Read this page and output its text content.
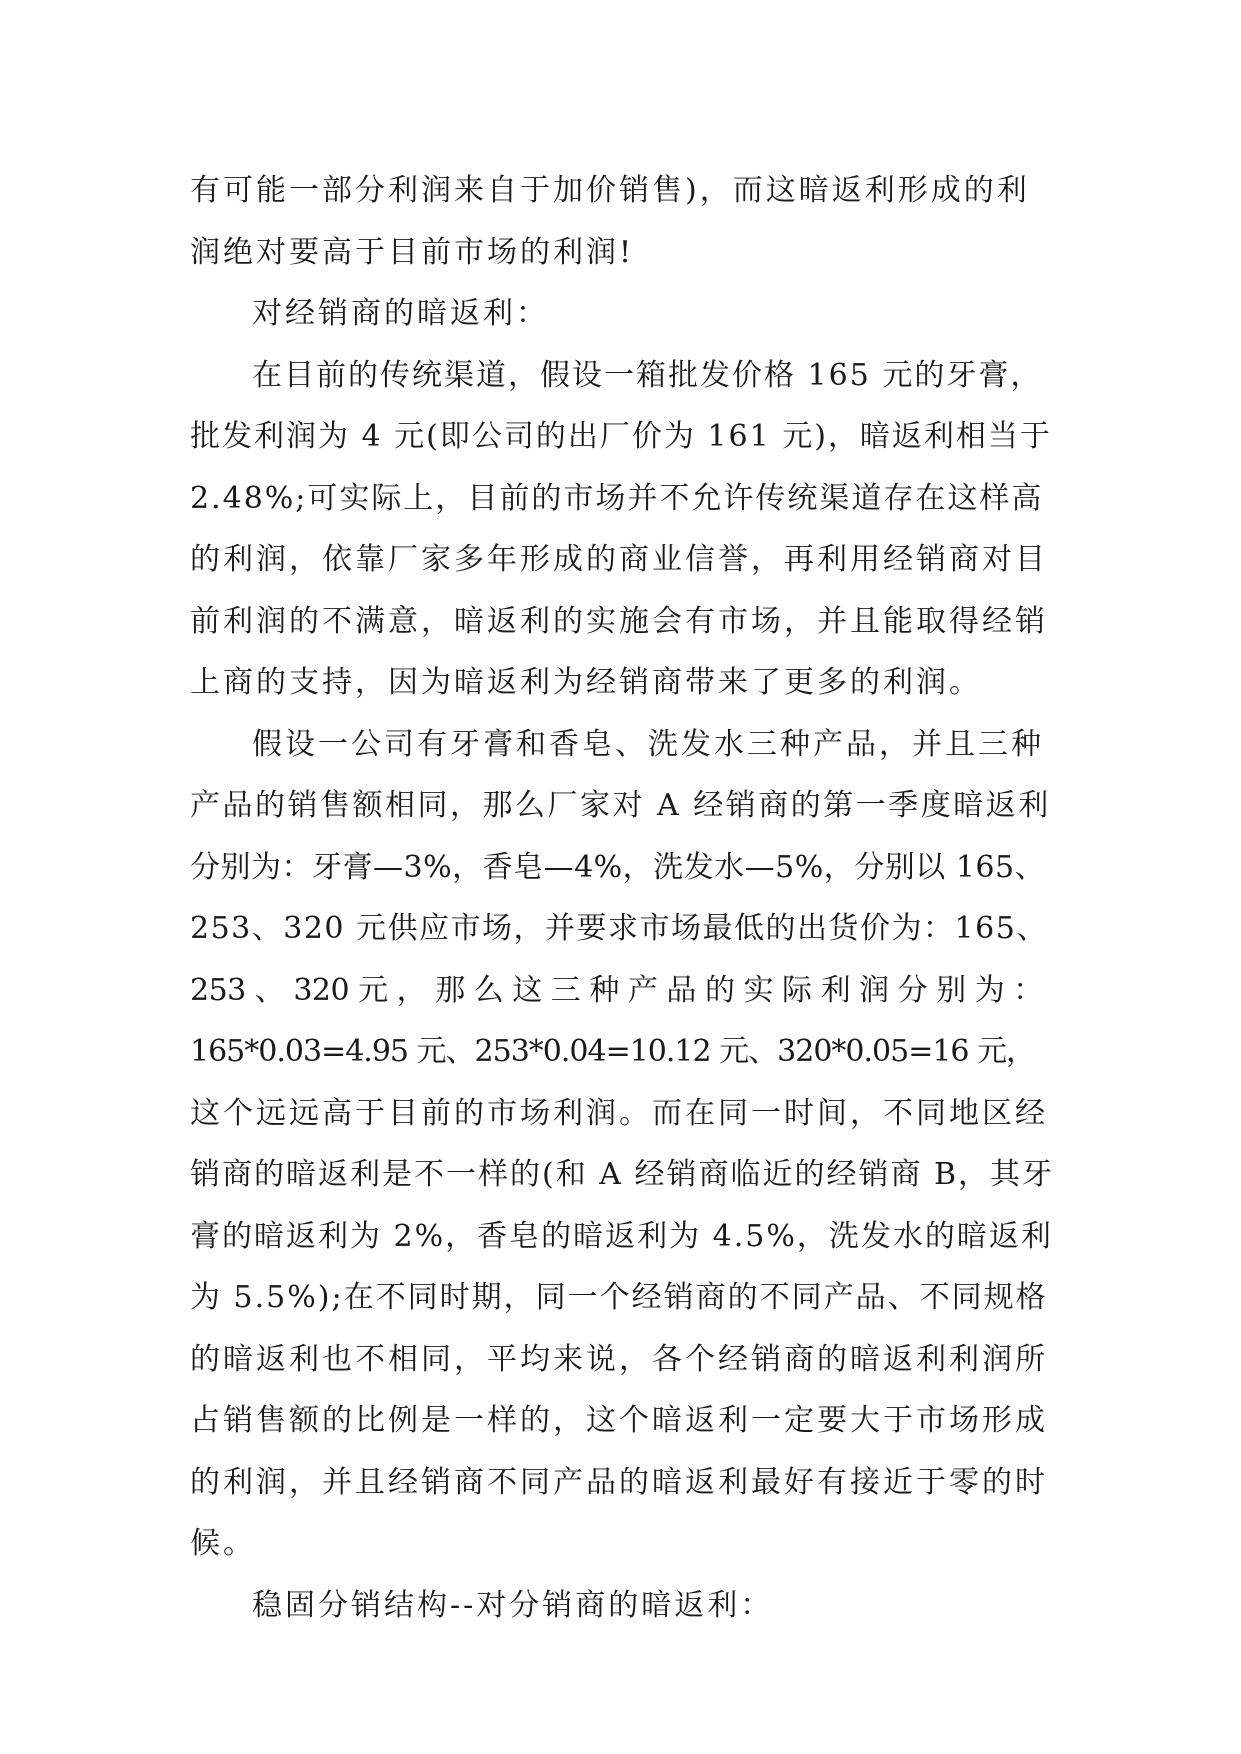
有可能一部分利润来自于加价销售)，而这暗返利形成的利
润绝对要高于目前市场的利润!
对经销商的暗返利：
在目前的传统渠道，假设一箱批发价格 165 元的牙膏，
批发利润为 4 元(即公司的出厂价为 161 元)，暗返利相当于
2.48%;可实际上，目前的市场并不允许传统渠道存在这样高
的利润，依靠厂家多年形成的商业信誉，再利用经销商对目
前利润的不满意，暗返利的实施会有市场，并且能取得经销
上商的支持，因为暗返利为经销商带来了更多的利润。
假设一公司有牙膏和香皂、洗发水三种产品，并且三种
产品的销售额相同，那么厂家对 A 经销商的第一季度暗返利
分别为：牙膏—3%，香皂—4%，洗发水—5%，分别以 165、
253、320 元供应市场，并要求市场最低的出货价为：165、
253 、 320 元 ， 那 么 这 三 种 产 品 的 实 际 利 润 分 别 为 ：
165*0.03=4.95 元、253*0.04=10.12 元、320*0.05=16 元，
这个远远高于目前的市场利润。而在同一时间，不同地区经
销商的暗返利是不一样的(和 A 经销商临近的经销商 B，其牙
膏的暗返利为 2%，香皂的暗返利为 4.5%，洗发水的暗返利
为 5.5%);在不同时期，同一个经销商的不同产品、不同规格
的暗返利也不相同，平均来说，各个经销商的暗返利利润所
占销售额的比例是一样的，这个暗返利一定要大于市场形成
的利润，并且经销商不同产品的暗返利最好有接近于零的时
候。
稳固分销结构--对分销商的暗返利：
